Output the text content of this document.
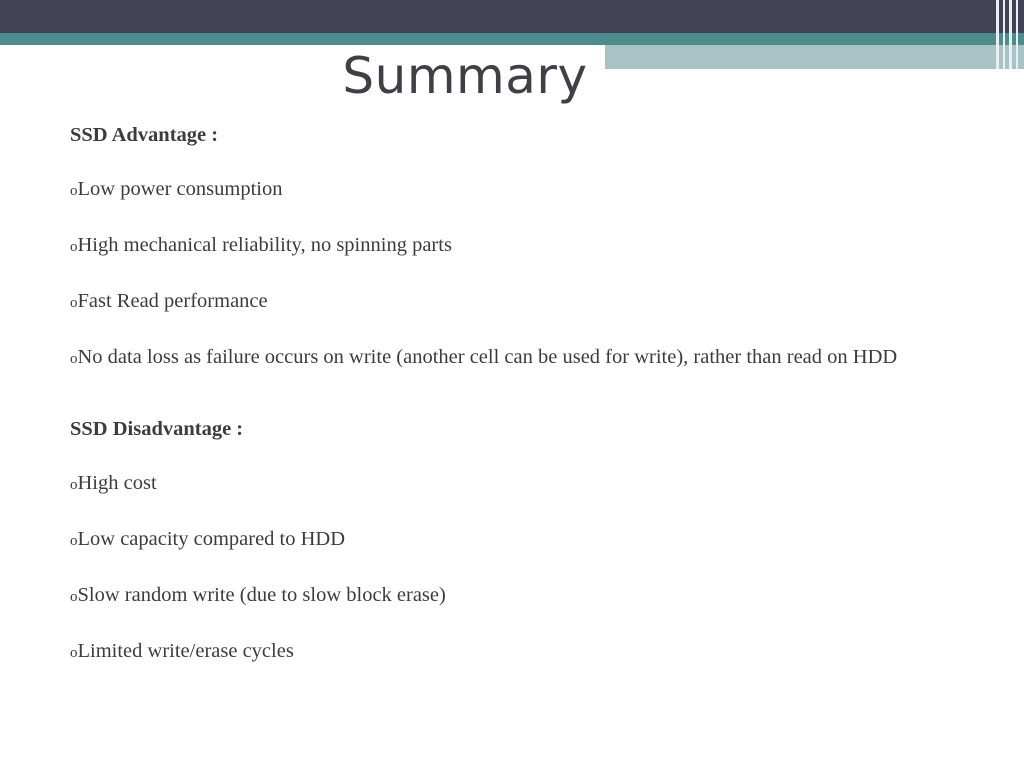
Summary
SSD Advantage :
oLow power consumption
oHigh mechanical reliability, no spinning parts
oFast Read performance
oNo data loss as failure occurs on write (another cell can be used for write), rather than read on HDD
SSD Disadvantage :
oHigh cost
oLow capacity compared to HDD
oSlow random write (due to slow block erase)
oLimited write/erase cycles
